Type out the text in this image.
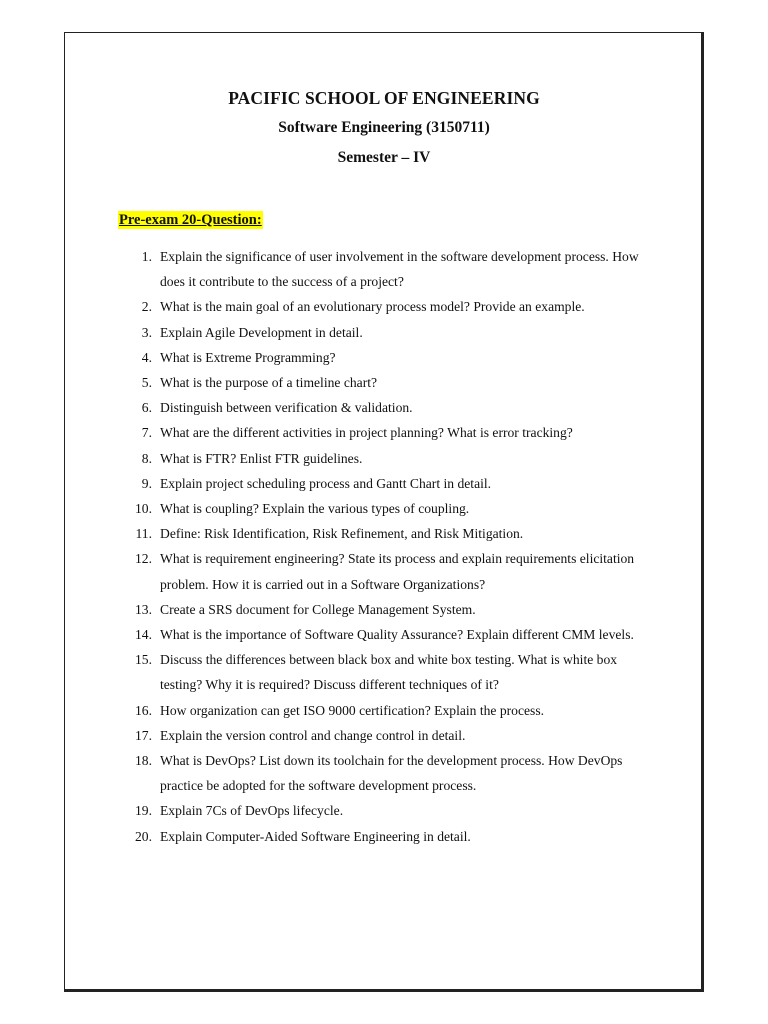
PACIFIC SCHOOL OF ENGINEERING
Software Engineering (3150711)
Semester – IV
Pre-exam 20-Question:
1. Explain the significance of user involvement in the software development process. How does it contribute to the success of a project?
2. What is the main goal of an evolutionary process model? Provide an example.
3. Explain Agile Development in detail.
4. What is Extreme Programming?
5. What is the purpose of a timeline chart?
6. Distinguish between verification & validation.
7. What are the different activities in project planning? What is error tracking?
8. What is FTR? Enlist FTR guidelines.
9. Explain project scheduling process and Gantt Chart in detail.
10. What is coupling? Explain the various types of coupling.
11. Define: Risk Identification, Risk Refinement, and Risk Mitigation.
12. What is requirement engineering? State its process and explain requirements elicitation problem. How it is carried out in a Software Organizations?
13. Create a SRS document for College Management System.
14. What is the importance of Software Quality Assurance? Explain different CMM levels.
15. Discuss the differences between black box and white box testing. What is white box testing? Why it is required? Discuss different techniques of it?
16. How organization can get ISO 9000 certification? Explain the process.
17. Explain the version control and change control in detail.
18. What is DevOps? List down its toolchain for the development process. How DevOps practice be adopted for the software development process.
19. Explain 7Cs of DevOps lifecycle.
20. Explain Computer-Aided Software Engineering in detail.
